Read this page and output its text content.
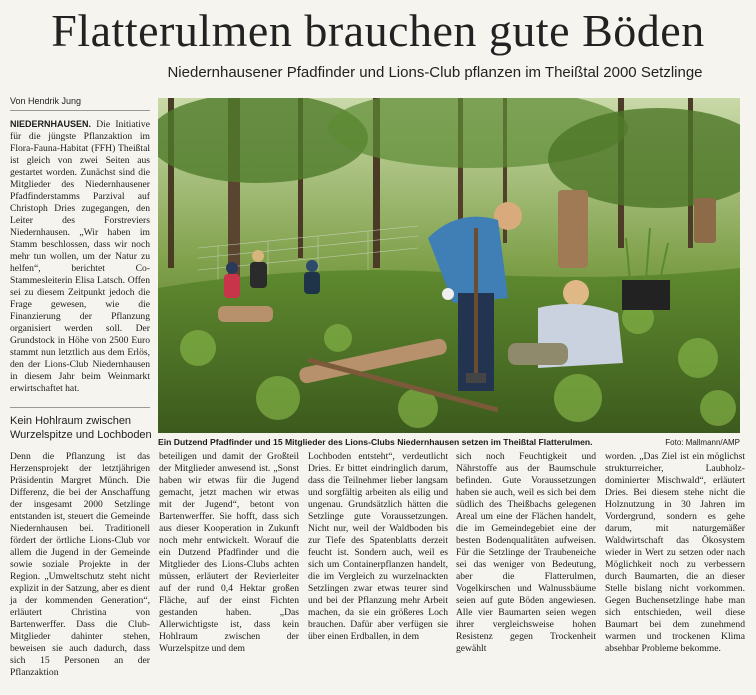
Flatterulmen brauchen gute Böden
Niedernhausener Pfadfinder und Lions-Club pflanzen im Theißtal 2000 Setzlinge
Von Hendrik Jung
NIEDERNHAUSEN. Die Initiative für die jüngste Pflanzaktion im Flora-Fauna-Habitat (FFH) Theißtal ist gleich von zwei Seiten aus gestartet worden. Zunächst sind die Mitglieder des Niedernhausener Pfadfinderstamms Parzival auf Christoph Dries zugegangen, den Leiter des Forstreviers Niedernhausen. „Wir haben im Stamm beschlossen, dass wir noch mehr tun wollen, um der Natur zu helfen“, berichtet Co-Stammesleiterin Elisa Latsch. Offen sei zu diesem Zeitpunkt jedoch die Frage gewesen, wie die Finanzierung der Pflanzung organisiert werden soll. Der Grundstock in Höhe von 2500 Euro stammt nun letztlich aus dem Erlös, den der Lions-Club Niedernhausen in diesem Jahr beim Weinmarkt erwirtschaftet hat.
Kein Hohlraum zwischen Wurzelspitze und Lochboden
Ein Dutzend Pfadfinder und 15 Mitglieder des Lions-Clubs Niedernhausen setzen im Theißtal Flatterulmen.	Foto: Mallmann/AMP
Denn die Pflanzung ist das Herzensprojekt der letztjährigen Präsidentin Margret Münch. Die Differenz, die bei der Anschaffung der insgesamt 2000 Setzlinge entstanden ist, steuert die Gemeinde Niedernhausen bei. Traditionell fördert der örtliche Lions-Club vor allem die Jugend in der Gemeinde sowie soziale Projekte in der Region. „Umweltschutz steht nicht explizit in der Satzung, aber es dient ja der kommenden Generation“, erläutert Christina von Bartenwerffer. Dass die Club-Mitglieder dahinter stehen, beweisen sie auch dadurch, dass sich 15 Personen an der Pflanzaktion
beteiligen und damit der Großteil der Mitglieder anwesend ist. „Sonst haben wir etwas für die Jugend gemacht, jetzt machen wir etwas mit der Jugend“, betont von Bartenwerffer. Sie hofft, dass sich aus dieser Kooperation in Zukunft noch mehr entwickelt. Worauf die ein Dutzend Pfadfinder und die Mitglieder des Lions-Clubs achten müssen, erläutert der Revierleiter auf der rund 0,4 Hektar großen Fläche, auf der einst Fichten gestanden haben. „Das Allerwichtigste ist, dass kein Hohlraum zwischen der Wurzelspitze und dem
Lochboden entsteht“, verdeutlicht Dries. Er bittet eindringlich darum, dass die Teilnehmer lieber langsam und sorgfältig arbeiten als eilig und ungenau. Grundsätzlich hätten die Setzlinge gute Voraussetzungen. Nicht nur, weil der Waldboden bis zur Tiefe des Spatenblatts derzeit feucht ist. Sondern auch, weil es sich um Containerpflanzen handelt, die im Vergleich zu wurzelnackten Setzlingen zwar etwas teurer sind und bei der Pflanzung mehr Arbeit machen, da sie ein größeres Loch brauchen. Dafür aber verfügen sie über einen Erdballen, in dem
sich noch Feuchtigkeit und Nährstoffe aus der Baumschule befinden. Gute Voraussetzungen haben sie auch, weil es sich bei dem südlich des Theißbachs gelegenen Areal um eine der Flächen handelt, die im Gemeindegebiet eine der besten Bodenqualitäten aufweisen. Für die Setzlinge der Traubeneiche sei das weniger von Bedeutung, aber die Flatterulmen, Vogelkirschen und Walnussbäume seien auf gute Böden angewiesen. Alle vier Baumarten seien wegen ihrer vergleichsweise hohen Resistenz gegen Trockenheit gewählt
worden. „Das Ziel ist ein möglichst strukturreicher, Laubholz-dominierter Mischwald“, erläutert Dries. Bei diesem stehe nicht die Holznutzung in 30 Jahren im Vordergrund, sondern es gehe darum, mit naturgemäßer Waldwirtschaft das Ökosystem wieder in Wert zu setzen oder nach Möglichkeit noch zu verbessern durch Baumarten, die an dieser Stelle bislang nicht vorkommen. Gegen Buchensetzlinge habe man sich entschieden, weil diese Baumart bei dem zunehmend warmen und trockenen Klima absehbar Probleme bekomme.
